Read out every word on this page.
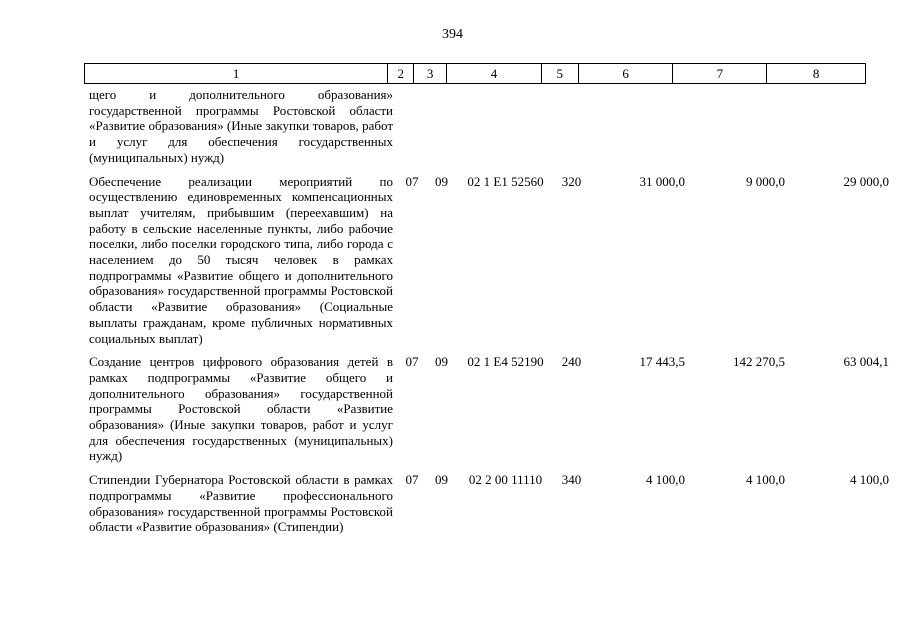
394
1	2	3	4	5	6	7	8
щего и дополнительного образования» государственной программы Ростовской области «Развитие образования» (Иные закупки товаров, работ и услуг для обеспечения государственных (муниципальных) нужд)							
Обеспечение реализации мероприятий по осуществлению единовременных компенсационных выплат учителям, прибывшим (переехавшим) на работу в сельские населенные пункты, либо рабочие поселки, либо поселки городского типа, либо города с населением до 50 тысяч человек в рамках подпрограммы «Развитие общего и дополнительного образования» государственной программы Ростовской области «Развитие образования» (Социальные выплаты гражданам, кроме публичных нормативных социальных выплат)	07	09	02 1 E1 52560	320	31 000,0	9 000,0	29 000,0
Создание центров цифрового образования детей в рамках подпрограммы «Развитие общего и дополнительного образования» государственной программы Ростовской области «Развитие образования» (Иные закупки товаров, работ и услуг для обеспечения государственных (муниципальных) нужд)	07	09	02 1 E4 52190	240	17 443,5	142 270,5	63 004,1
Стипендии Губернатора Ростовской области в рамках подпрограммы «Развитие профессионального образования» государственной программы Ростовской области «Развитие образования» (Стипендии)	07	09	02 2 00 11110	340	4 100,0	4 100,0	4 100,0
